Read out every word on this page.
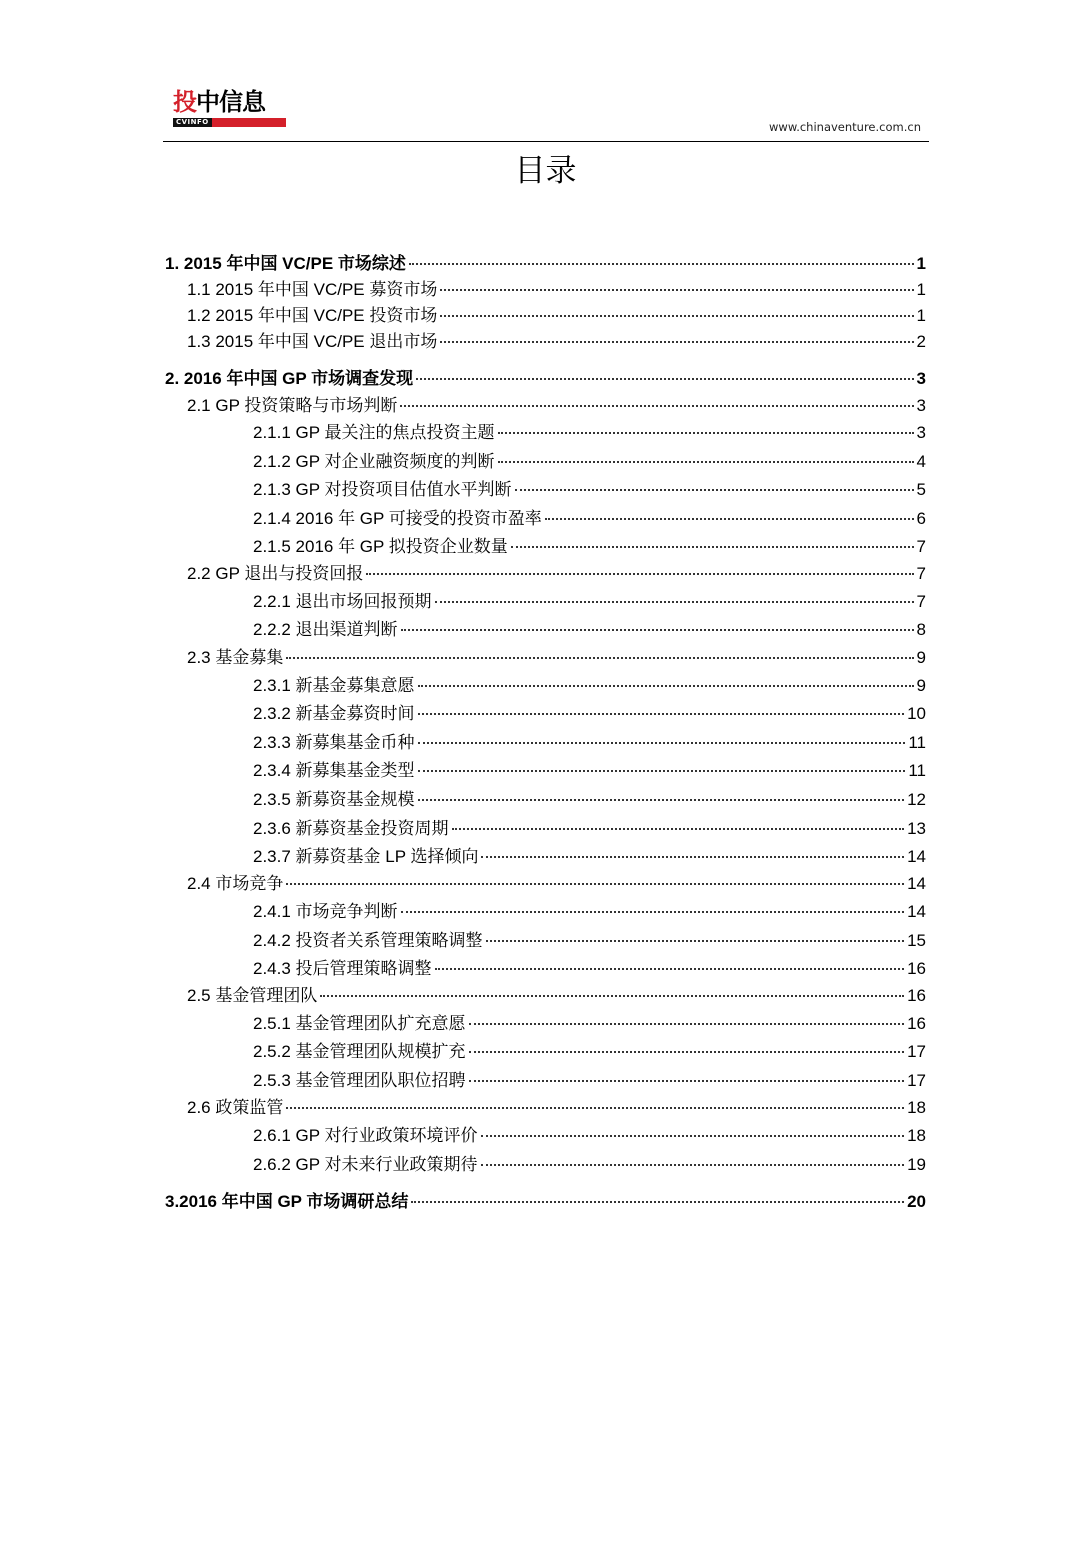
投中信息
CVINFO	www.chinaventure.com.cn
目录
1. 2015 年中国 VC/PE 市场综述	1
1.1 2015 年中国 VC/PE 募资市场	1
1.2 2015 年中国 VC/PE 投资市场	1
1.3 2015 年中国 VC/PE 退出市场	2
2. 2016 年中国 GP 市场调查发现	3
2.1 GP 投资策略与市场判断	3
2.1.1 GP 最关注的焦点投资主题	3
2.1.2 GP 对企业融资频度的判断	4
2.1.3 GP 对投资项目估值水平判断	5
2.1.4 2016 年 GP 可接受的投资市盈率	6
2.1.5 2016 年 GP 拟投资企业数量	7
2.2 GP 退出与投资回报	7
2.2.1 退出市场回报预期	7
2.2.2 退出渠道判断	8
2.3 基金募集	9
2.3.1 新基金募集意愿	9
2.3.2 新基金募资时间	10
2.3.3 新募集基金币种	11
2.3.4 新募集基金类型	11
2.3.5 新募资基金规模	12
2.3.6 新募资基金投资周期	13
2.3.7 新募资基金 LP 选择倾向	14
2.4 市场竞争	14
2.4.1 市场竞争判断	14
2.4.2 投资者关系管理策略调整	15
2.4.3 投后管理策略调整	16
2.5 基金管理团队	16
2.5.1 基金管理团队扩充意愿	16
2.5.2 基金管理团队规模扩充	17
2.5.3 基金管理团队职位招聘	17
2.6 政策监管	18
2.6.1 GP 对行业政策环境评价	18
2.6.2 GP 对未来行业政策期待	19
3.2016 年中国 GP 市场调研总结	20
